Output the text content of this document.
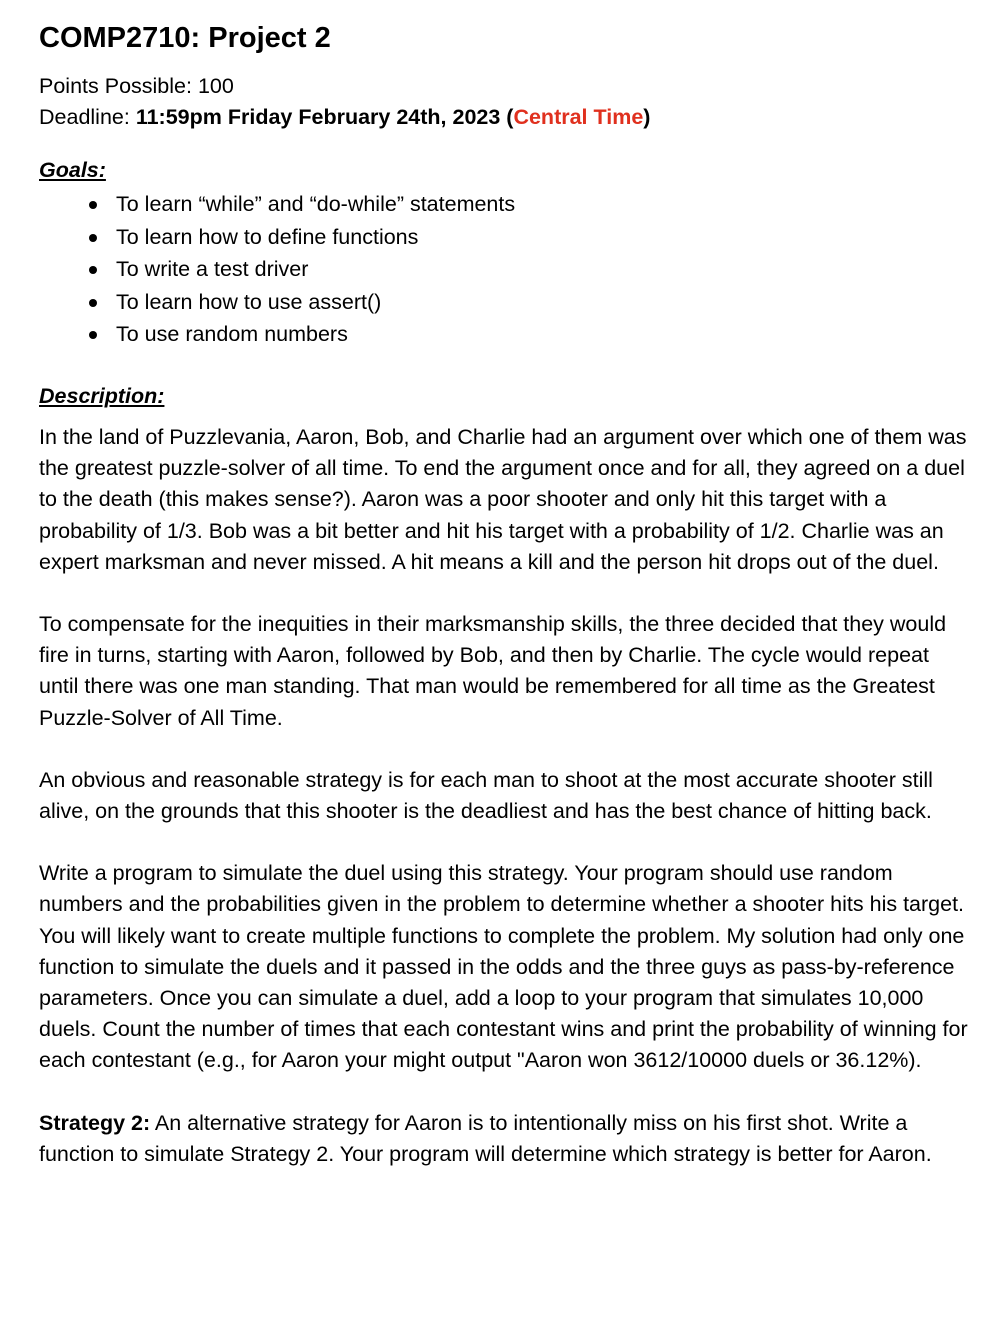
COMP2710: Project 2
Points Possible: 100
Deadline: 11:59pm Friday February 24th, 2023 (Central Time)
Goals:
To learn “while” and “do-while” statements
To learn how to define functions
To write a test driver
To learn how to use assert()
To use random numbers
Description:

In the land of Puzzlevania, Aaron, Bob, and Charlie had an argument over which one of them was the greatest puzzle-solver of all time. To end the argument once and for all, they agreed on a duel to the death (this makes sense?). Aaron was a poor shooter and only hit this target with a probability of 1/3. Bob was a bit better and hit his target with a probability of 1/2. Charlie was an expert marksman and never missed. A hit means a kill and the person hit drops out of the duel.

To compensate for the inequities in their marksmanship skills, the three decided that they would fire in turns, starting with Aaron, followed by Bob, and then by Charlie. The cycle would repeat until there was one man standing. That man would be remembered for all time as the Greatest Puzzle-Solver of All Time.

An obvious and reasonable strategy is for each man to shoot at the most accurate shooter still alive, on the grounds that this shooter is the deadliest and has the best chance of hitting back.

Write a program to simulate the duel using this strategy. Your program should use random numbers and the probabilities given in the problem to determine whether a shooter hits his target. You will likely want to create multiple functions to complete the problem. My solution had only one function to simulate the duels and it passed in the odds and the three guys as pass-by-reference parameters. Once you can simulate a duel, add a loop to your program that simulates 10,000 duels. Count the number of times that each contestant wins and print the probability of winning for each contestant (e.g., for Aaron your might output "Aaron won 3612/10000 duels or 36.12%).

Strategy 2: An alternative strategy for Aaron is to intentionally miss on his first shot. Write a function to simulate Strategy 2. Your program will determine which strategy is better for Aaron.
